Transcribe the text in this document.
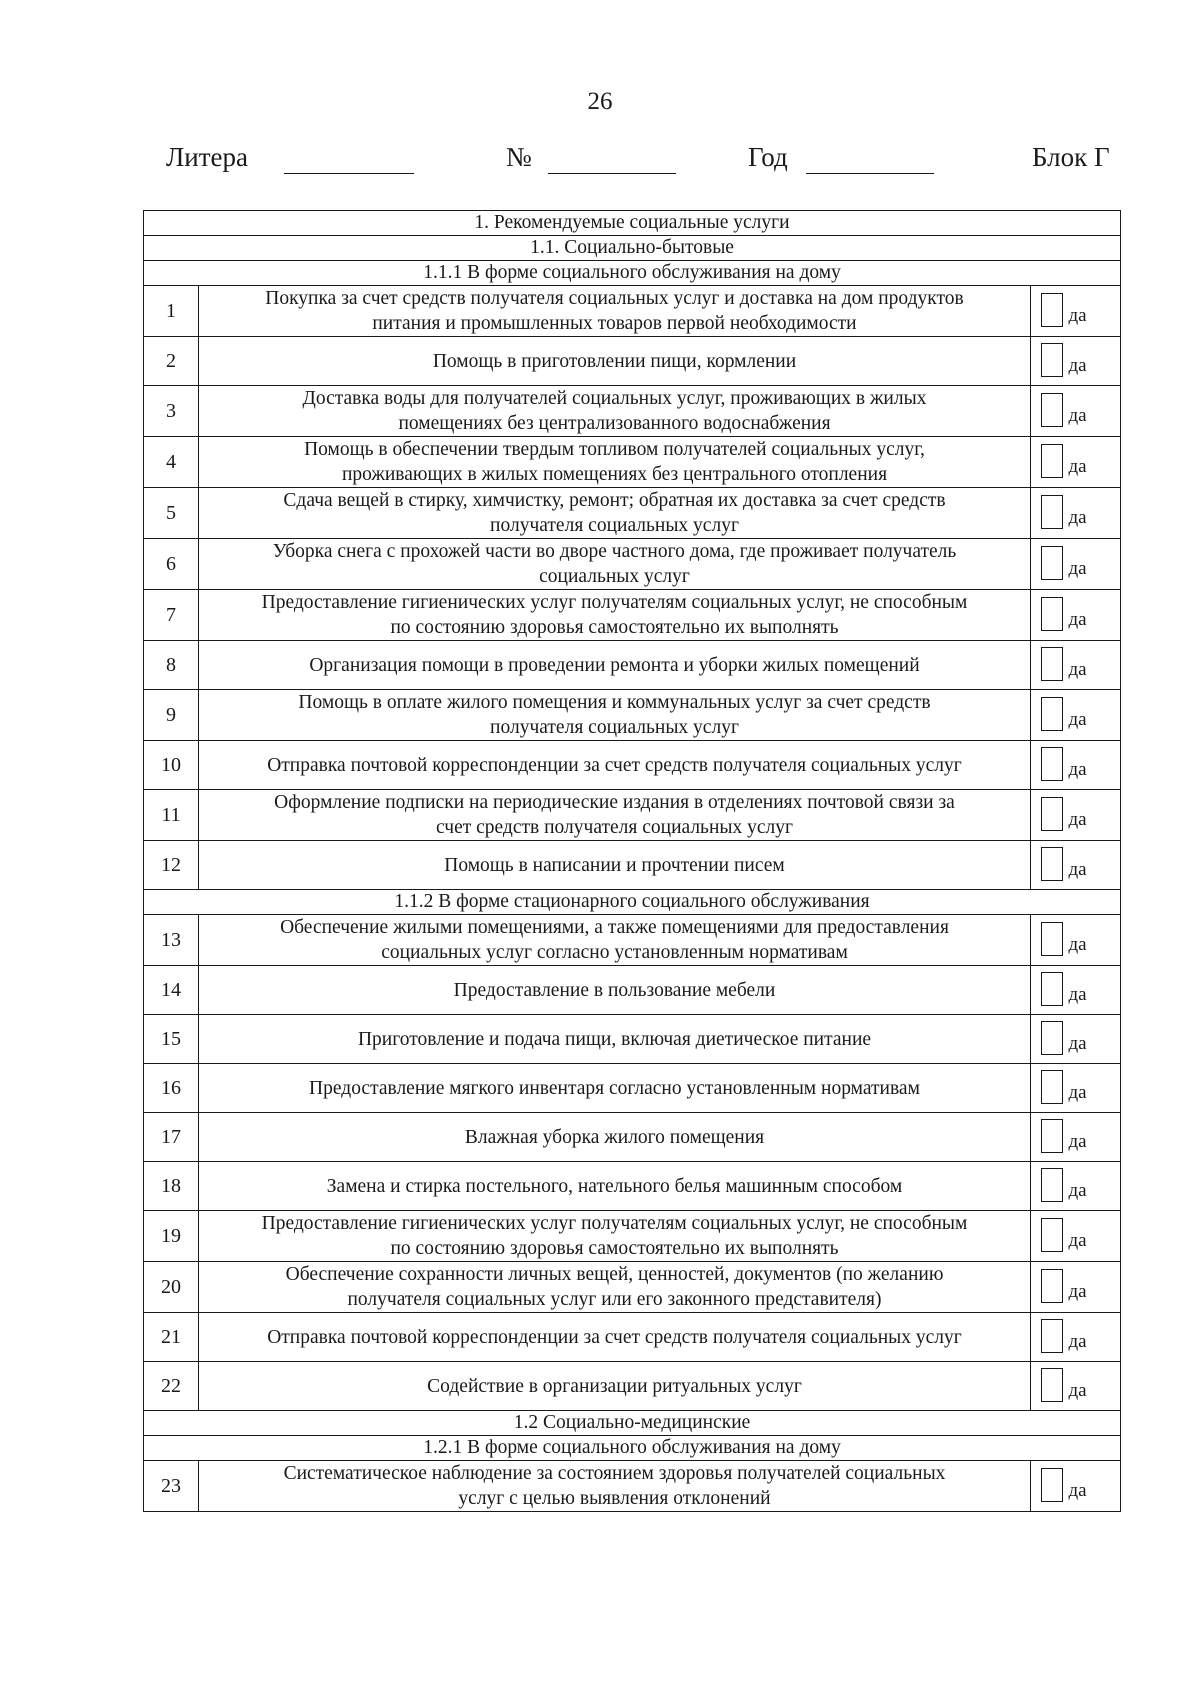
26
Литера	№	Год	Блок Г
1. Рекомендуемые социальные услуги		
1.1. Социально-бытовые		
1.1.1 В форме социального обслуживания на дому		
1	Покупка за счет средств получателя социальных услуг и доставка на дом продуктов
питания и промышленных товаров первой необходимости	да

2	Помощь в приготовлении пищи, кормлении	да

3	Доставка воды для получателей социальных услуг, проживающих в жилых
помещениях без централизованного водоснабжения	да

4	Помощь в обеспечении твердым топливом получателей социальных услуг,
проживающих в жилых помещениях без центрального отопления	да

5	Сдача вещей в стирку, химчистку, ремонт; обратная их доставка за счет средств
получателя социальных услуг	да

6	Уборка снега с прохожей части во дворе частного дома, где проживает получатель
социальных услуг	да

7	Предоставление гигиенических услуг получателям социальных услуг, не способным
по состоянию здоровья самостоятельно их выполнять	да

8	Организация помощи в проведении ремонта и уборки жилых помещений	да

9	Помощь в оплате жилого помещения и коммунальных услуг за счет средств
получателя социальных услуг	да

10	Отправка почтовой корреспонденции за счет средств получателя социальных услуг	да

11	Оформление подписки на периодические издания в отделениях почтовой связи за
счет средств получателя социальных услуг	да

12	Помощь в написании и прочтении писем	да

1.1.2 В форме стационарного социального обслуживания		
13	Обеспечение жилыми помещениями, а также помещениями для предоставления
социальных услуг согласно установленным нормативам	да

14	Предоставление в пользование мебели	да

15	Приготовление и подача пищи, включая диетическое питание	да

16	Предоставление мягкого инвентаря согласно установленным нормативам	да

17	Влажная уборка жилого помещения	да

18	Замена и стирка постельного, нательного белья машинным способом	да

19	Предоставление гигиенических услуг получателям социальных услуг, не способным
по состоянию здоровья самостоятельно их выполнять	да

20	Обеспечение сохранности личных вещей, ценностей, документов (по желанию
получателя социальных услуг или его законного представителя)	да

21	Отправка почтовой корреспонденции за счет средств получателя социальных услуг	да

22	Содействие в организации ритуальных услуг	да

1.2 Социально-медицинские		
1.2.1 В форме социального обслуживания на дому		
23	Систематическое наблюдение за состоянием здоровья получателей социальных
услуг с целью выявления отклонений	да
